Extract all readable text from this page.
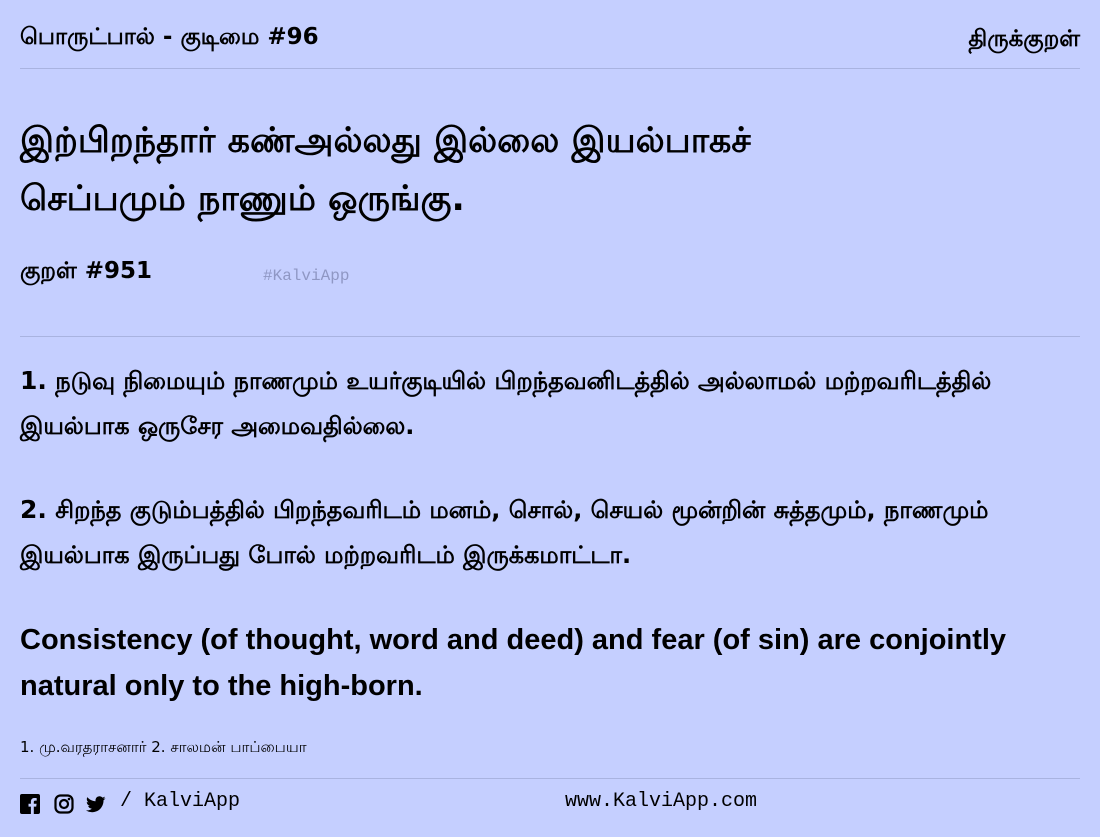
பொருட்பால் - குடிமை #96	திருக்குறள்
இற்பிறந்தார் கண்அல்லது இல்லை இயல்பாகச்
செப்பமும் நாணும் ஒருங்கு.
குறள் #951	#KalviApp
1. நடுவு நிமையும் நாணமும் உயர்குடியில் பிறந்தவனிடத்தில் அல்லாமல் மற்றவரிடத்தில் இயல்பாக ஒருசேர அமைவதில்லை.
2. சிறந்த குடும்பத்தில் பிறந்தவரிடம் மனம், சொல், செயல் மூன்றின் சுத்தமும், நாணமும் இயல்பாக இருப்பது போல் மற்றவரிடம் இருக்கமாட்டா.
Consistency (of thought, word and deed) and fear (of sin) are conjointly natural only to the high-born.
1. மு.வரதராசனார் 2. சாலமன் பாப்பையா
/ KalviApp	www.KalviApp.com
